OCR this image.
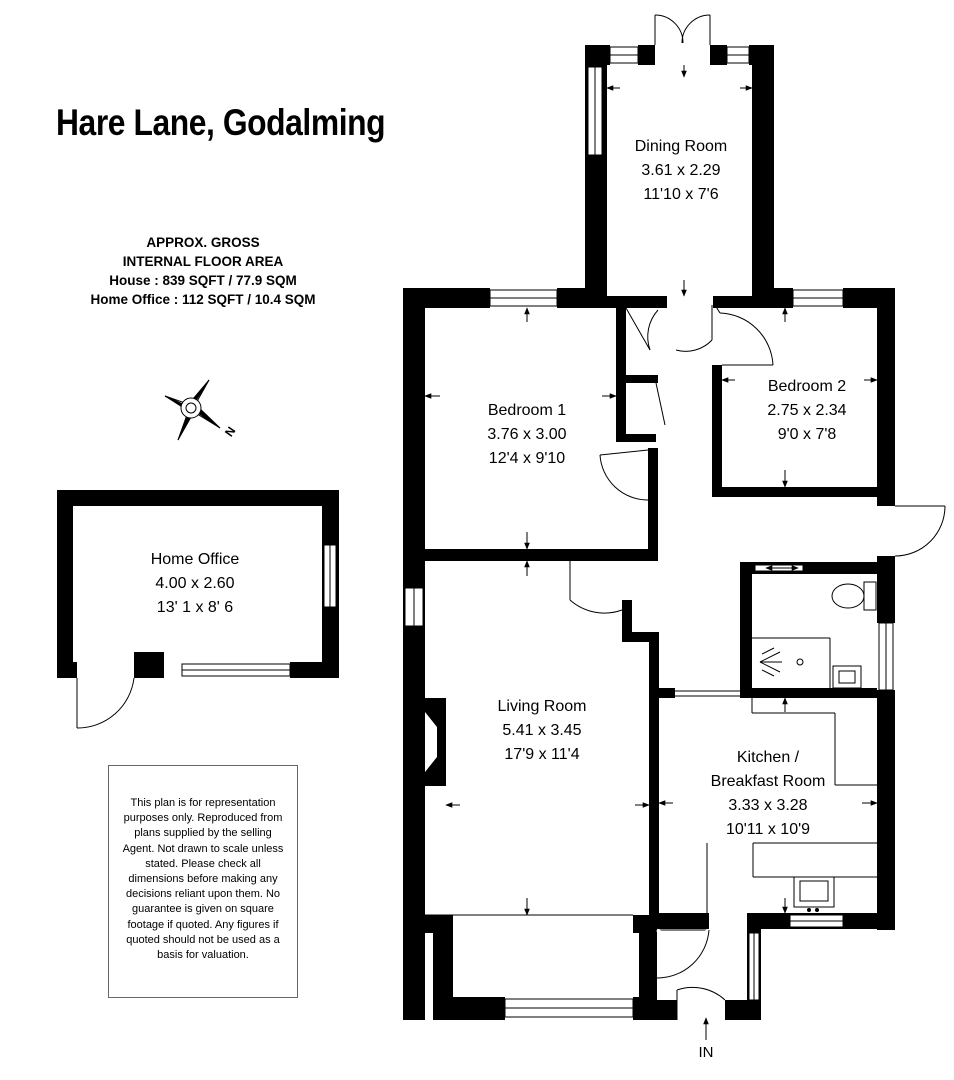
Hare Lane, Godalming
APPROX. GROSS
INTERNAL FLOOR AREA
House : 839 SQFT / 77.9 SQM
Home Office : 112 SQFT / 10.4 SQM

This plan is for representation purposes only. Reproduced from plans supplied by the selling Agent. Not drawn to scale unless stated. Please check all dimensions before making any decisions reliant upon them. No guarantee is given on square footage if quoted. Any figures if quoted should not be used as a basis for valuation.

N
Dining Room
3.61 x 2.29
11'10 x 7'6
Bedroom 1
3.76 x 3.00
12'4 x 9'10
Bedroom 2
2.75 x 2.34
9'0 x 7'8
Living Room
5.41 x 3.45
17'9 x 11'4	Kitchen /
Breakfast Room
3.33 x 3.28
10'11 x 10'9
Home Office
4.00 x 2.60
13' 1 x 8' 6
IN
